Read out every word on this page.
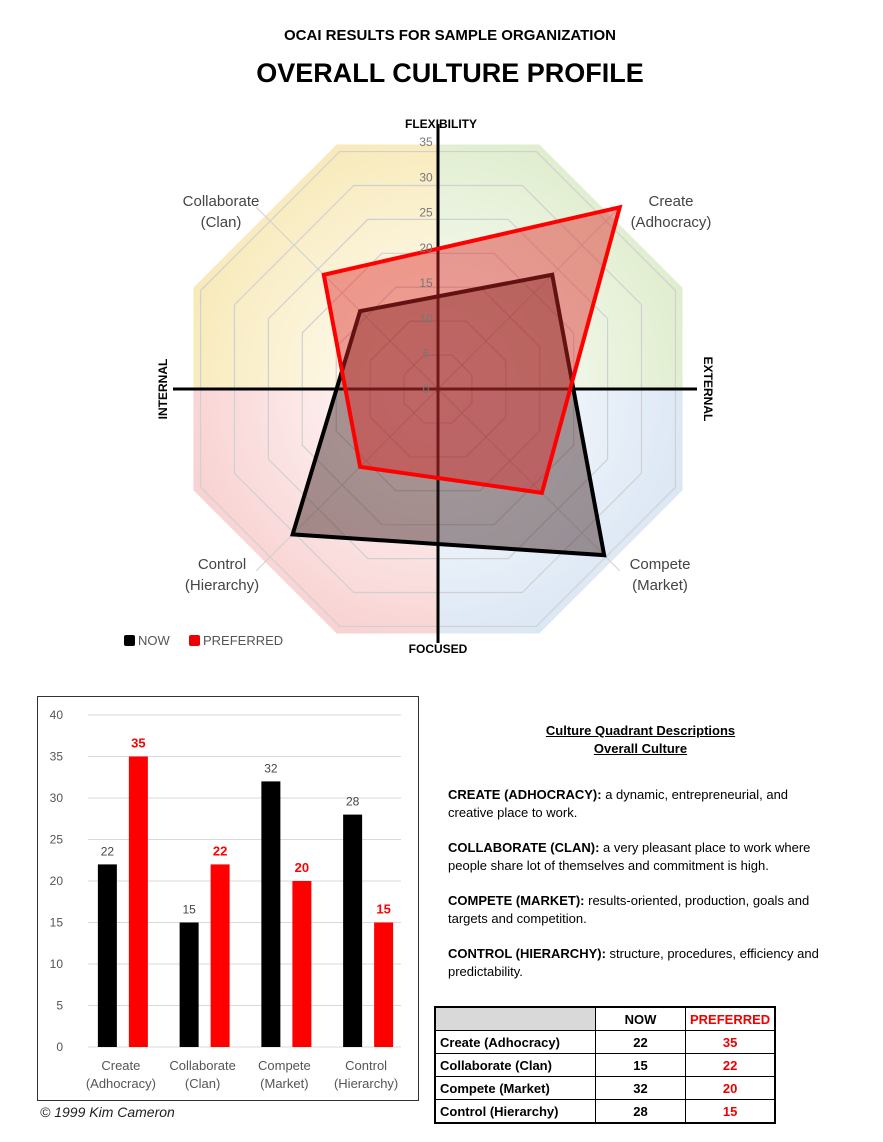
OCAI RESULTS FOR SAMPLE ORGANIZATION
OVERALL CULTURE PROFILE
0
5
10
15
20
25
30
35
FLEXIBILITY
FOCUSED
INTERNAL	EXTERNAL
Create
(Adhocracy)
Collaborate
(Clan)
Control
(Hierarchy)
Compete
(Market)
NOW	PREFERRED
0
5
10
15
20
25
30
35
40
22
35
Create
(Adhocracy)
15
22
Collaborate
(Clan)
32
20
Compete
(Market)
28
15
Control
(Hierarchy)
© 1999 Kim Cameron
Culture Quadrant Descriptions
Overall Culture

CREATE (ADHOCRACY): a dynamic, entrepreneurial, and creative place to work.

COLLABORATE (CLAN): a very pleasant place to work where people share lot of themselves and commitment is high.

COMPETE (MARKET): results-oriented, production, goals and targets and competition.

CONTROL (HIERARCHY): structure, procedures, efficiency and predictability.

	NOW	PREFERRED
Create (Adhocracy)	22	35
Collaborate (Clan)	15	22
Compete (Market)	32	20
Control (Hierarchy)	28	15
